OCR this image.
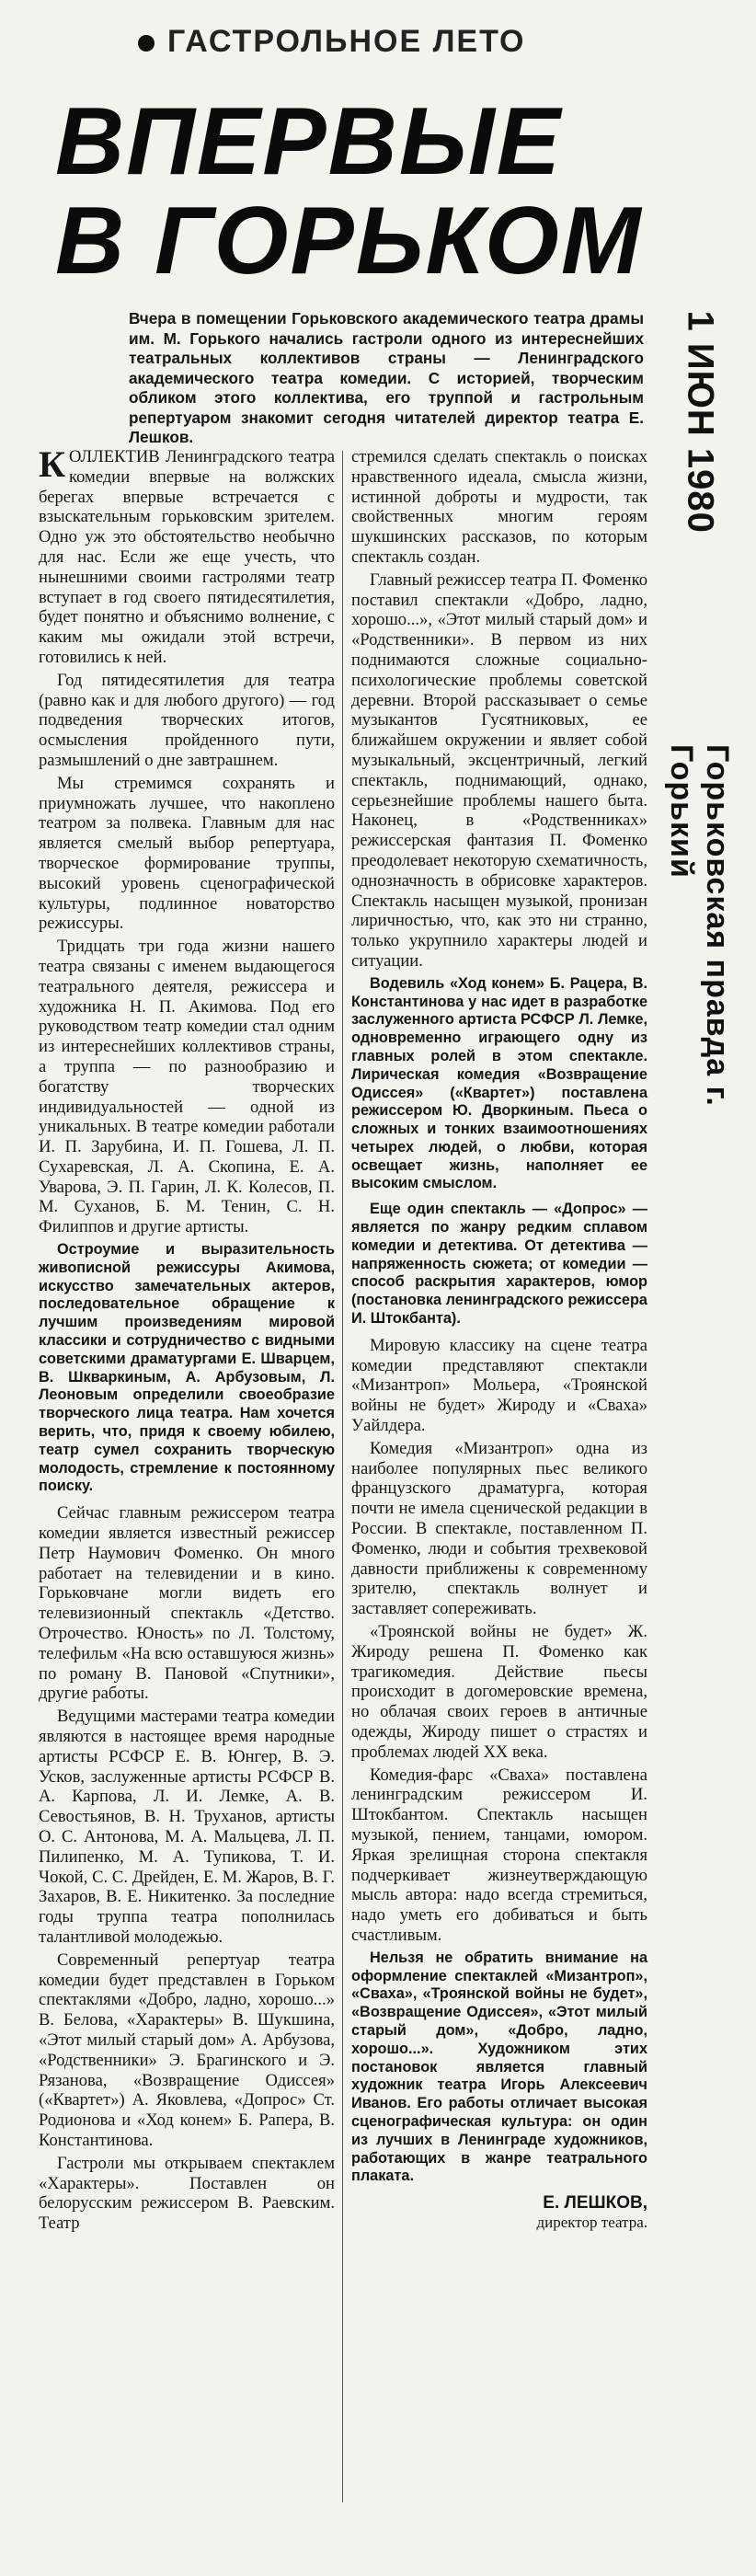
ГАСТРОЛЬНОЕ ЛЕТО
ВПЕРВЫЕ
В ГОРЬКОМ
Вчера в помещении Горьковского академического театра драмы им. М. Горького начались гастроли одного из интереснейших театральных коллективов страны — Ленинградского академического театра комедии. С историей, творческим обликом этого коллектива, его труппой и гастрольным репертуаром знакомит сегодня читателей директор театра Е. Лешков.	1 ИЮН 1980
Горьковская правда г. Горький

КОЛЛЕКТИВ Ленинградского театра комедии впервые на волжских берегах впервые встречается с взыскательным горьковским зрителем. Одно уж это обстоятельство необычно для нас. Если же еще учесть, что нынешними своими гастролями театр вступает в год своего пятидесятилетия, будет понятно и объяснимо волнение, с каким мы ожидали этой встречи, готовились к ней.

Год пятидесятилетия для театра (равно как и для любого другого) — год подведения творческих итогов, осмысления пройденного пути, размышлений о дне завтрашнем.

Мы стремимся сохранять и приумножать лучшее, что накоплено театром за полвека. Главным для нас является смелый выбор репертуара, творческое формирование труппы, высокий уровень сценографической культуры, подлинное новаторство режиссуры.

Тридцать три года жизни нашего театра связаны с именем выдающегося театрального деятеля, режиссера и художника Н. П. Акимова. Под его руководством театр комедии стал одним из интереснейших коллективов страны, а труппа — по разнообразию и богатству творческих индивидуальностей — одной из уникальных. В театре комедии работали И. П. Зарубина, И. П. Гошева, Л. П. Сухаревская, Л. А. Скопина, Е. А. Уварова, Э. П. Гарин, Л. К. Колесов, П. М. Суханов, Б. М. Тенин, С. Н. Филиппов и другие артисты.

Остроумие и выразительность живописной режиссуры Акимова, искусство замечательных актеров, последовательное обращение к лучшим произведениям мировой классики и сотрудничество с видными советскими драматургами Е. Шварцем, В. Шкваркиным, А. Арбузовым, Л. Леоновым определили своеобразие творческого лица театра. Нам хочется верить, что, придя к своему юбилею, театр сумел сохранить творческую молодость, стремление к постоянному поиску.

Сейчас главным режиссером театра комедии является известный режиссер Петр Наумович Фоменко. Он много работает на телевидении и в кино. Горьковчане могли видеть его телевизионный спектакль «Детство. Отрочество. Юность» по Л. Толстому, телефильм «На всю оставшуюся жизнь» по роману В. Пановой «Спутники», другие работы.

Ведущими мастерами театра комедии являются в настоящее время народные артисты РСФСР Е. В. Юнгер, В. Э. Усков, заслуженные артисты РСФСР В. А. Карпова, Л. И. Лемке, А. В. Севостьянов, В. Н. Труханов, артисты О. С. Антонова, М. А. Мальцева, Л. П. Пилипенко, М. А. Тупикова, Т. И. Чокой, С. С. Дрейден, Е. М. Жаров, В. Г. Захаров, В. Е. Никитенко. За последние годы труппа театра пополнилась талантливой молодежью.

Современный репертуар театра комедии будет представлен в Горьком спектаклями «Добро, ладно, хорошо...» В. Белова, «Характеры» В. Шукшина, «Этот милый старый дом» А. Арбузова, «Родственники» Э. Брагинского и Э. Рязанова, «Возвращение Одиссея» («Квартет») А. Яковлева, «Допрос» Ст. Родионова и «Ход конем» Б. Рапера, В. Константинова.

Гастроли мы открываем спектаклем «Характеры». Поставлен он белорусским режиссером В. Раевским. Театр

стремился сделать спектакль о поисках нравственного идеала, смысла жизни, истинной доброты и мудрости, так свойственных многим героям шукшинских рассказов, по которым спектакль создан.

Главный режиссер театра П. Фоменко поставил спектакли «Добро, ладно, хорошо...», «Этот милый старый дом» и «Родственники». В первом из них поднимаются сложные социально-психологические проблемы советской деревни. Второй рассказывает о семье музыкантов Гусятниковых, ее ближайшем окружении и являет собой музыкальный, эксцентричный, легкий спектакль, поднимающий, однако, серьезнейшие проблемы нашего быта. Наконец, в «Родственниках» режиссерская фантазия П. Фоменко преодолевает некоторую схематичность, однозначность в обрисовке характеров. Спектакль насыщен музыкой, пронизан лиричностью, что, как это ни странно, только укрупнило характеры людей и ситуации.

Водевиль «Ход конем» Б. Рацера, В. Константинова у нас идет в разработке заслуженного артиста РСФСР Л. Лемке, одновременно играющего одну из главных ролей в этом спектакле. Лирическая комедия «Возвращение Одиссея» («Квартет») поставлена режиссером Ю. Дворкиным. Пьеса о сложных и тонких взаимоотношениях четырех людей, о любви, которая освещает жизнь, наполняет ее высоким смыслом.

Еще один спектакль — «Допрос» — является по жанру редким сплавом комедии и детектива. От детектива — напряженность сюжета; от комедии — способ раскрытия характеров, юмор (постановка ленинградского режиссера И. Штокбанта).

Мировую классику на сцене театра комедии представляют спектакли «Мизантроп» Мольера, «Троянской войны не будет» Жироду и «Сваха» Уайлдера.

Комедия «Мизантроп» одна из наиболее популярных пьес великого французского драматурга, которая почти не имела сценической редакции в России. В спектакле, поставленном П. Фоменко, люди и события трехвековой давности приближены к современному зрителю, спектакль волнует и заставляет сопереживать.

«Троянской войны не будет» Ж. Жироду решена П. Фоменко как трагикомедия. Действие пьесы происходит в догомеровские времена, но облачая своих героев в античные одежды, Жироду пишет о страстях и проблемах людей XX века.

Комедия-фарс «Сваха» поставлена ленинградским режиссером И. Штокбантом. Спектакль насыщен музыкой, пением, танцами, юмором. Яркая зрелищная сторона спектакля подчеркивает жизнеутверждающую мысль автора: надо всегда стремиться, надо уметь его добиваться и быть счастливым.

Нельзя не обратить внимание на оформление спектаклей «Мизантроп», «Сваха», «Троянской войны не будет», «Возвращение Одиссея», «Этот милый старый дом», «Добро, ладно, хорошо...». Художником этих постановок является главный художник театра Игорь Алексеевич Иванов. Его работы отличает высокая сценографическая культура: он один из лучших в Ленинграде художников, работающих в жанре театрального плаката.

Е. ЛЕШКОВ,
директор театра.
